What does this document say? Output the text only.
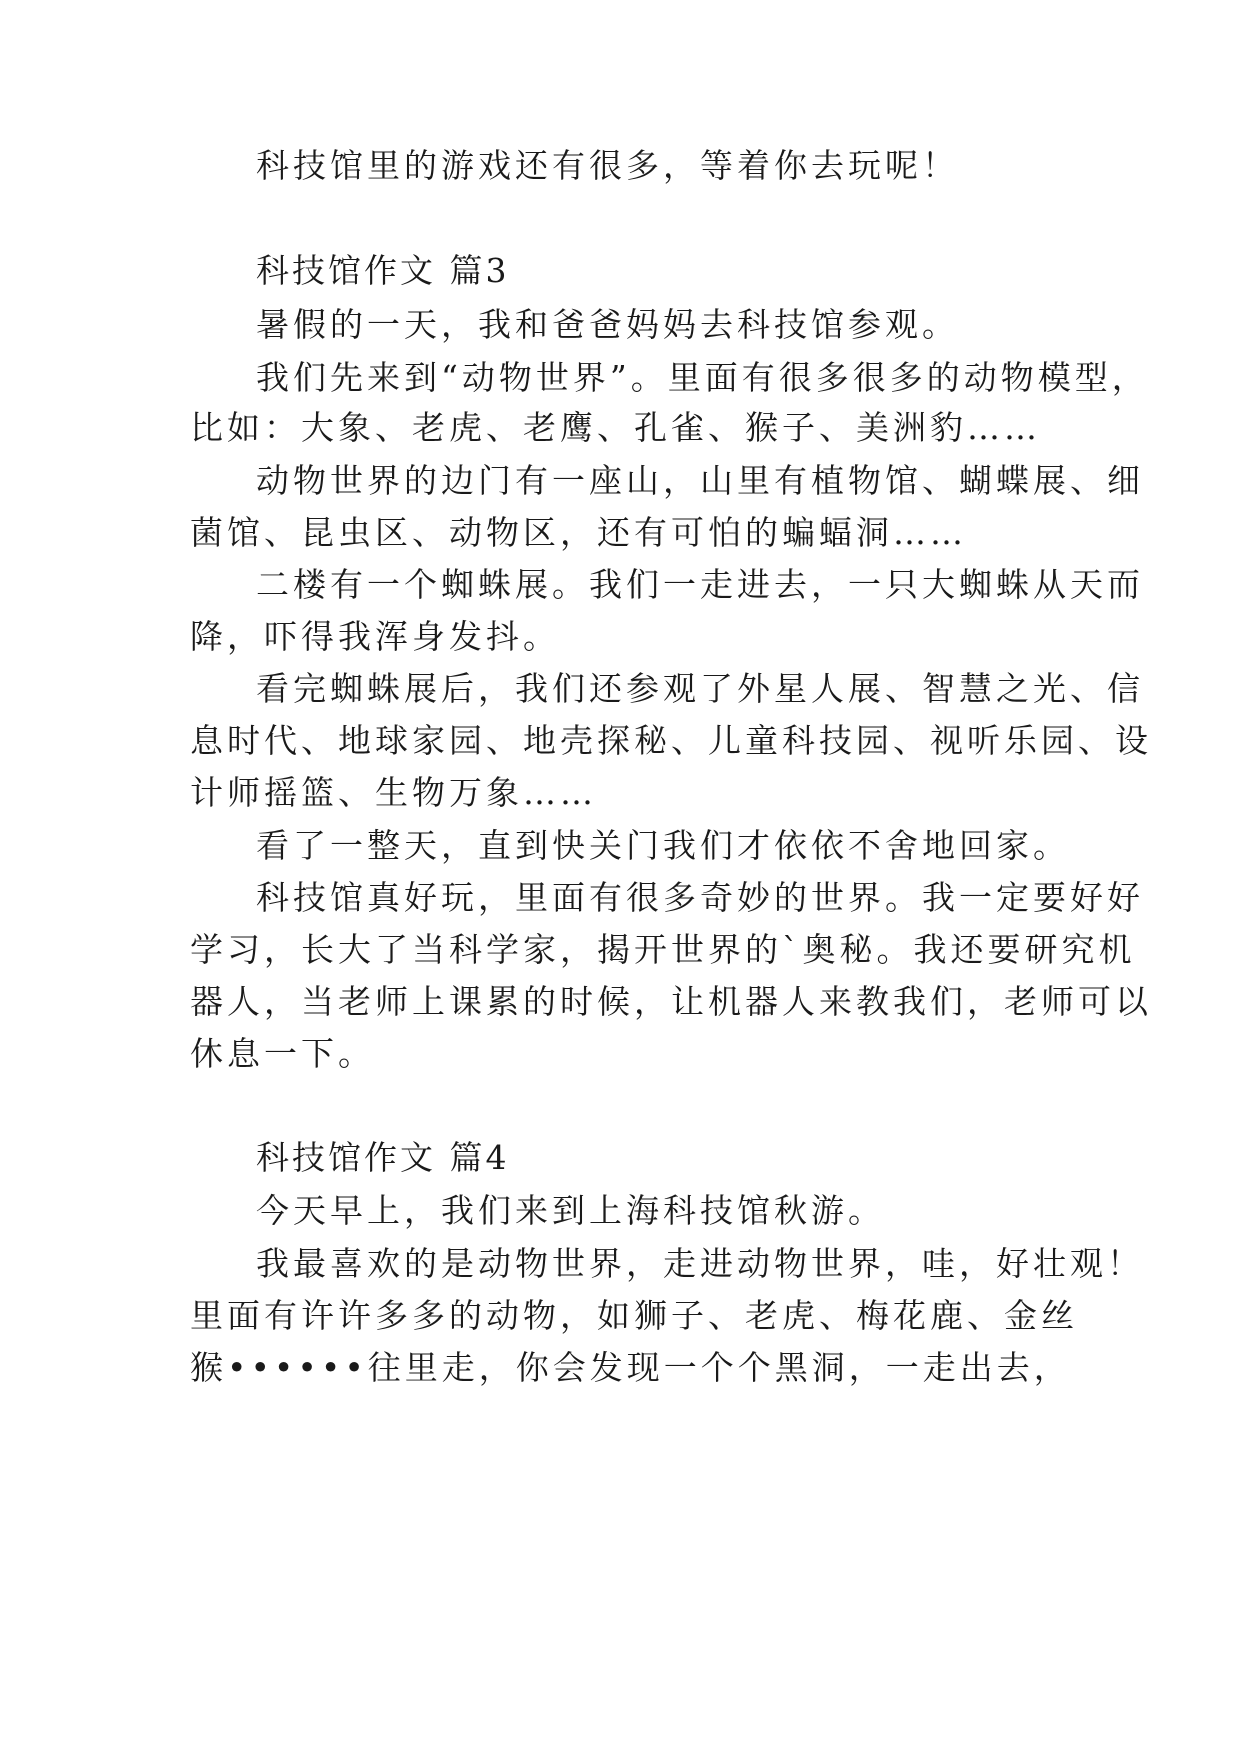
科技馆里的游戏还有很多，等着你去玩呢！
科技馆作文 篇3
暑假的一天，我和爸爸妈妈去科技馆参观。
我们先来到“动物世界”。里面有很多很多的动物模型，
比如：大象、老虎、老鹰、孔雀、猴子、美洲豹……
动物世界的边门有一座山，山里有植物馆、蝴蝶展、细
菌馆、昆虫区、动物区，还有可怕的蝙蝠洞……
二楼有一个蜘蛛展。我们一走进去，一只大蜘蛛从天而
降，吓得我浑身发抖。
看完蜘蛛展后，我们还参观了外星人展、智慧之光、信
息时代、地球家园、地壳探秘、儿童科技园、视听乐园、设
计师摇篮、生物万象……
看了一整天，直到快关门我们才依依不舍地回家。
科技馆真好玩，里面有很多奇妙的世界。我一定要好好
学习，长大了当科学家，揭开世界的`奥秘。我还要研究机
器人，当老师上课累的时候，让机器人来教我们，老师可以
休息一下。
科技馆作文 篇4
今天早上，我们来到上海科技馆秋游。
我最喜欢的是动物世界，走进动物世界，哇，好壮观！
里面有许许多多的动物，如狮子、老虎、梅花鹿、金丝
猴••••••往里走，你会发现一个个黑洞，一走出去，
